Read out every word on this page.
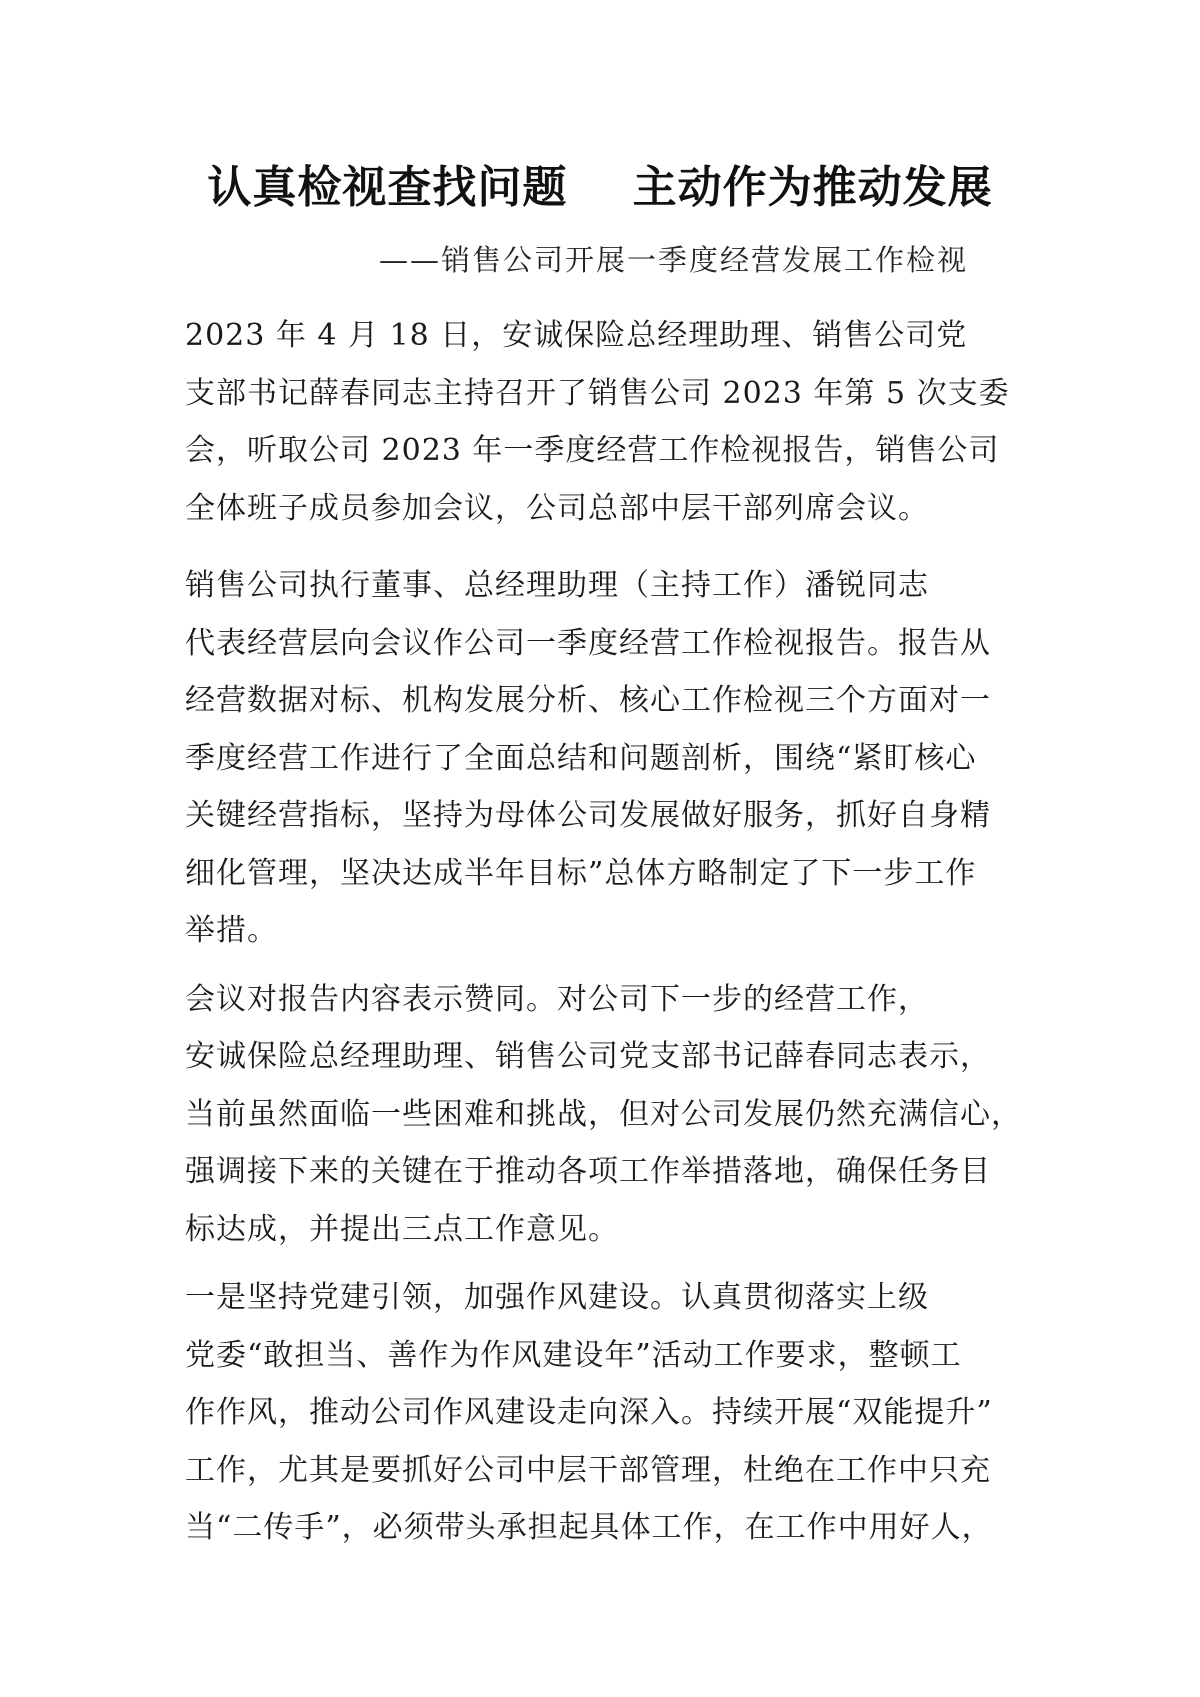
认真检视查找问题    主动作为推动发展
——销售公司开展一季度经营发展工作检视

2023 年 4 月 18 日，安诚保险总经理助理、销售公司党
支部书记薛春同志主持召开了销售公司 2023 年第 5 次支委
会，听取公司 2023 年一季度经营工作检视报告，销售公司
全体班子成员参加会议，公司总部中层干部列席会议。

销售公司执行董事、总经理助理（主持工作）潘锐同志
代表经营层向会议作公司一季度经营工作检视报告。报告从
经营数据对标、机构发展分析、核心工作检视三个方面对一
季度经营工作进行了全面总结和问题剖析，围绕“紧盯核心
关键经营指标，坚持为母体公司发展做好服务，抓好自身精
细化管理，坚决达成半年目标”总体方略制定了下一步工作
举措。

会议对报告内容表示赞同。对公司下一步的经营工作，
安诚保险总经理助理、销售公司党支部书记薛春同志表示，
当前虽然面临一些困难和挑战，但对公司发展仍然充满信心，
强调接下来的关键在于推动各项工作举措落地，确保任务目
标达成，并提出三点工作意见。

一是坚持党建引领，加强作风建设。认真贯彻落实上级
党委“敢担当、善作为作风建设年”活动工作要求，整顿工
作作风，推动公司作风建设走向深入。持续开展“双能提升”
工作，尤其是要抓好公司中层干部管理，杜绝在工作中只充
当“二传手”，必须带头承担起具体工作，在工作中用好人，
